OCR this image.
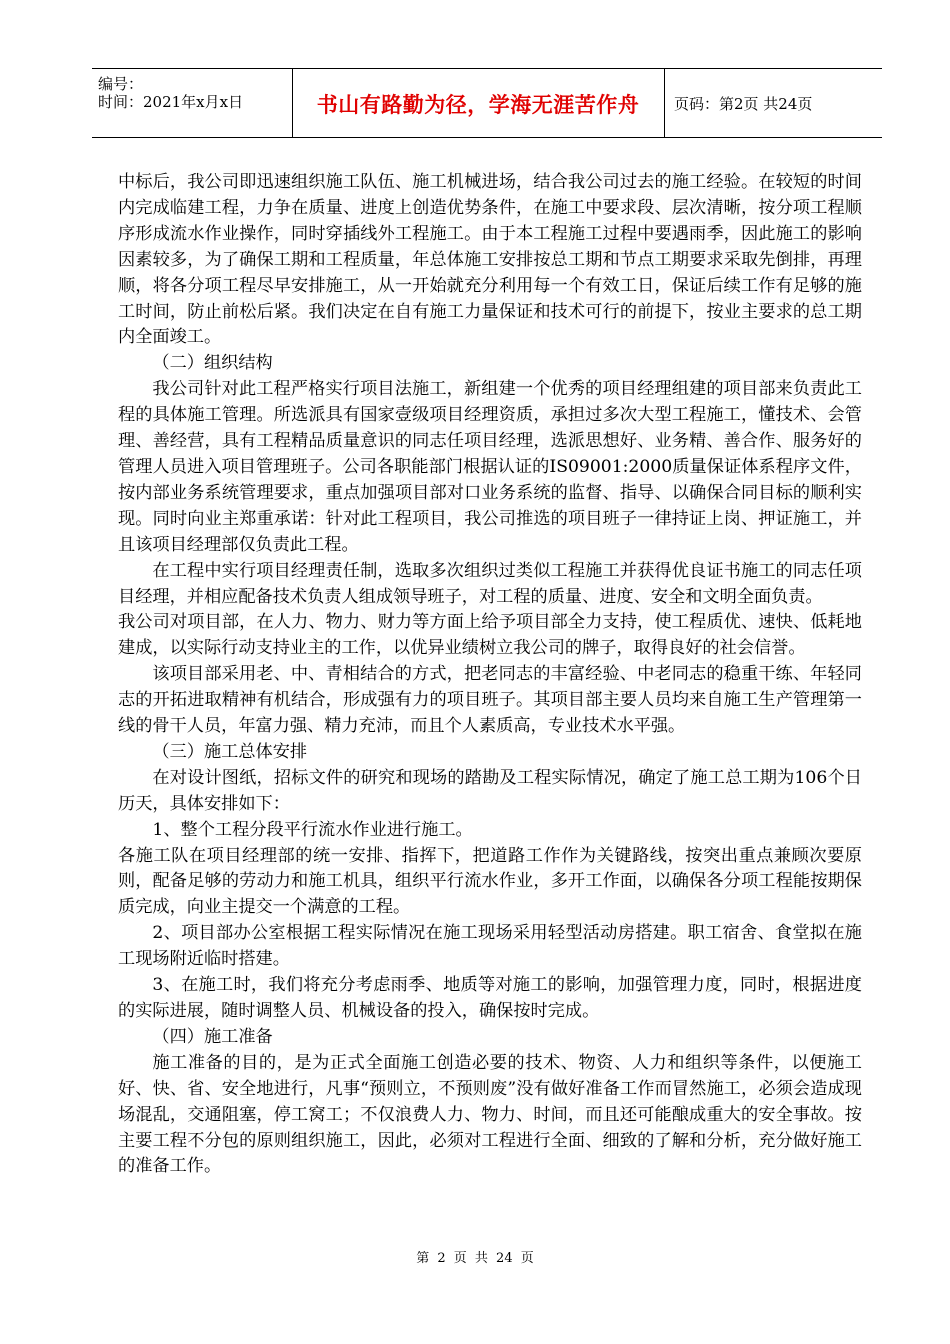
编号：
时间：2021年x月x日	书山有路勤为径，学海无涯苦作舟	页码：第2页 共24页

中标后，我公司即迅速组织施工队伍、施工机械进场，结合我公司过去的施工经验。在较短的时间内完成临建工程，力争在质量、进度上创造优势条件，在施工中要求段、层次清晰，按分项工程顺序形成流水作业操作，同时穿插线外工程施工。由于本工程施工过程中要遇雨季，因此施工的影响因素较多，为了确保工期和工程质量，年总体施工安排按总工期和节点工期要求采取先倒排，再理顺，将各分项工程尽早安排施工，从一开始就充分利用每一个有效工日，保证后续工作有足够的施工时间，防止前松后紧。我们决定在自有施工力量保证和技术可行的前提下，按业主要求的总工期内全面竣工。

（二）组织结构

我公司针对此工程严格实行项目法施工，新组建一个优秀的项目经理组建的项目部来负责此工程的具体施工管理。所选派具有国家壹级项目经理资质，承担过多次大型工程施工，懂技术、会管理、善经营，具有工程精品质量意识的同志任项目经理，选派思想好、业务精、善合作、服务好的管理人员进入项目管理班子。公司各职能部门根据认证的IS09001:2000质量保证体系程序文件，按内部业务系统管理要求，重点加强项目部对口业务系统的监督、指导、以确保合同目标的顺利实现。同时向业主郑重承诺：针对此工程项目，我公司推选的项目班子一律持证上岗、押证施工，并且该项目经理部仅负责此工程。

在工程中实行项目经理责任制，选取多次组织过类似工程施工并获得优良证书施工的同志任项目经理，并相应配备技术负责人组成领导班子，对工程的质量、进度、安全和文明全面负责。

我公司对项目部，在人力、物力、财力等方面上给予项目部全力支持，使工程质优、速快、低耗地建成，以实际行动支持业主的工作，以优异业绩树立我公司的牌子，取得良好的社会信誉。

该项目部采用老、中、青相结合的方式，把老同志的丰富经验、中老同志的稳重干练、年轻同志的开拓进取精神有机结合，形成强有力的项目班子。其项目部主要人员均来自施工生产管理第一线的骨干人员，年富力强、精力充沛，而且个人素质高，专业技术水平强。

（三）施工总体安排

在对设计图纸，招标文件的研究和现场的踏勘及工程实际情况，确定了施工总工期为106个日历天，具体安排如下：

1、整个工程分段平行流水作业进行施工。

各施工队在项目经理部的统一安排、指挥下，把道路工作作为关键路线，按突出重点兼顾次要原则，配备足够的劳动力和施工机具，组织平行流水作业，多开工作面，以确保各分项工程能按期保质完成，向业主提交一个满意的工程。

2、项目部办公室根据工程实际情况在施工现场采用轻型活动房搭建。职工宿舍、食堂拟在施工现场附近临时搭建。

3、在施工时，我们将充分考虑雨季、地质等对施工的影响，加强管理力度，同时，根据进度的实际进展，随时调整人员、机械设备的投入，确保按时完成。

（四）施工准备

施工准备的目的，是为正式全面施工创造必要的技术、物资、人力和组织等条件，以便施工好、快、省、安全地进行，凡事“预则立，不预则废”没有做好准备工作而冒然施工，必须会造成现场混乱，交通阻塞，停工窝工；不仅浪费人力、物力、时间，而且还可能酿成重大的安全事故。按主要工程不分包的原则组织施工，因此，必须对工程进行全面、细致的了解和分析，充分做好施工的准备工作。

第 2 页 共 24 页
